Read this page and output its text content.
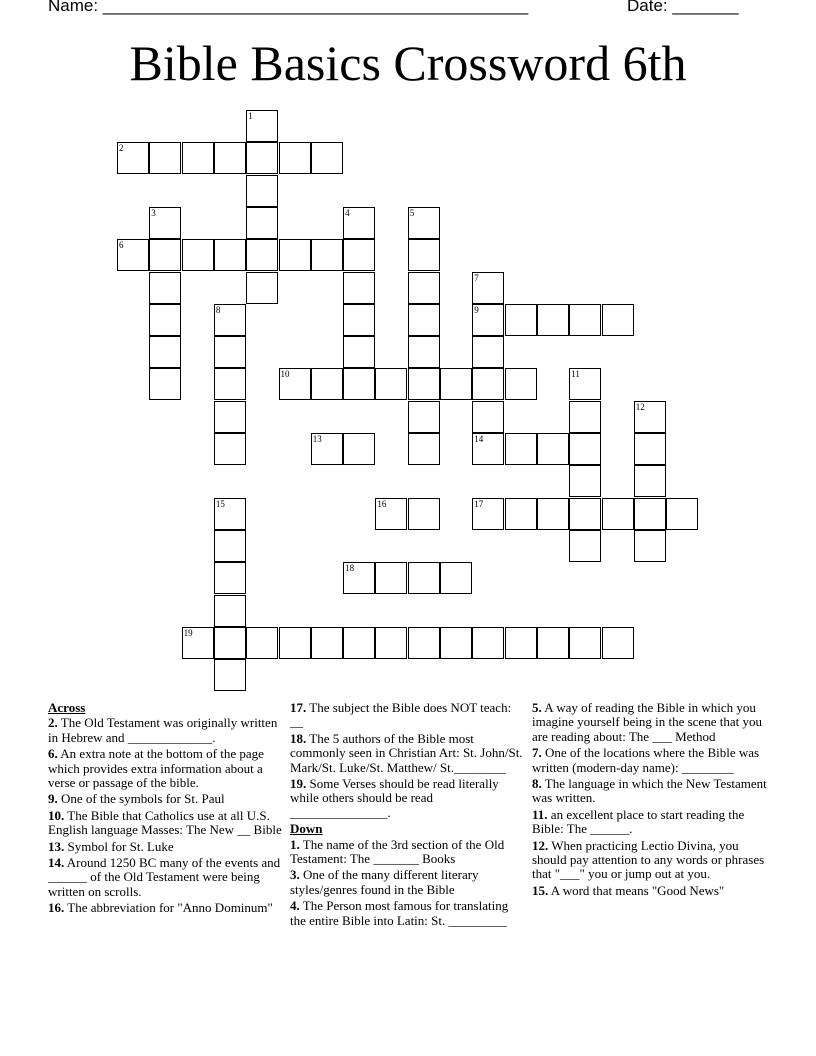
Name: _____________________________________________	Date: _______
Bible Basics Crossword 6th
1
2
3	4	5
6
7
8	9
10	11
12
13	14
15	16	17
18
19
Across
2. The Old Testament was originally written in Hebrew and _____________.
6. An extra note at the bottom of the page which provides extra information about a verse or passage of the bible.
9. One of the symbols for St. Paul
10. The Bible that Catholics use at all U.S. English language Masses: The New __ Bible
13. Symbol for St. Luke
14. Around 1250 BC many of the events and ______ of the Old Testament were being written on scrolls.
16. The abbreviation for "Anno Dominum"
17. The subject the Bible does NOT teach: __
18. The 5 authors of the Bible most commonly seen in Christian Art: St. John/St. Mark/St. Luke/St. Matthew/ St.________
19. Some Verses should be read literally while others should be read _______________.
Down
1. The name of the 3rd section of the Old Testament: The _______ Books
3. One of the many different literary styles/genres found in the Bible
4. The Person most famous for translating the entire Bible into Latin: St. _________
5. A way of reading the Bible in which you imagine yourself being in the scene that you are reading about: The ___ Method
7. One of the locations where the Bible was written (modern-day name): ________
8. The language in which the New Testament was written.
11. an excellent place to start reading the Bible: The ______.
12. When practicing Lectio Divina, you should pay attention to any words or phrases that "___" you or jump out at you.
15. A word that means "Good News"
